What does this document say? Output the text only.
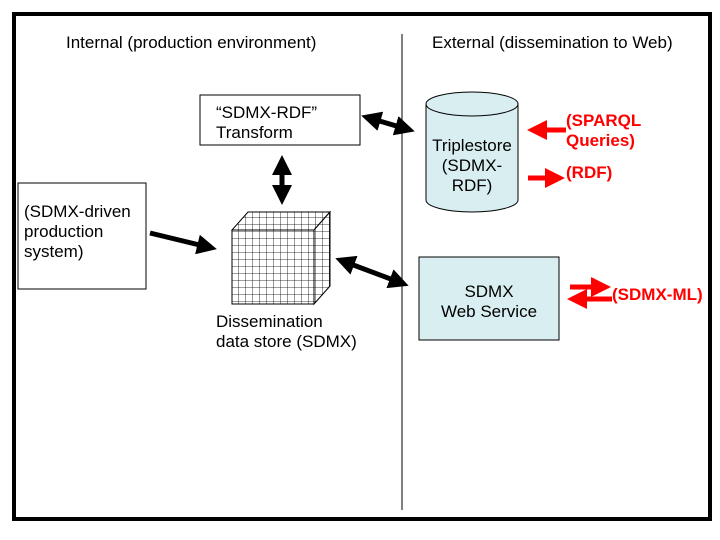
Internal (production environment)	External (dissemination to Web)
“SDMX-RDF”
Transform
(SDMX-driven
production
system)
Dissemination
data store (SDMX)
Triplestore
(SDMX-
RDF)
SDMX
Web Service
(SPARQL
Queries)
(RDF)
(SDMX-ML)
